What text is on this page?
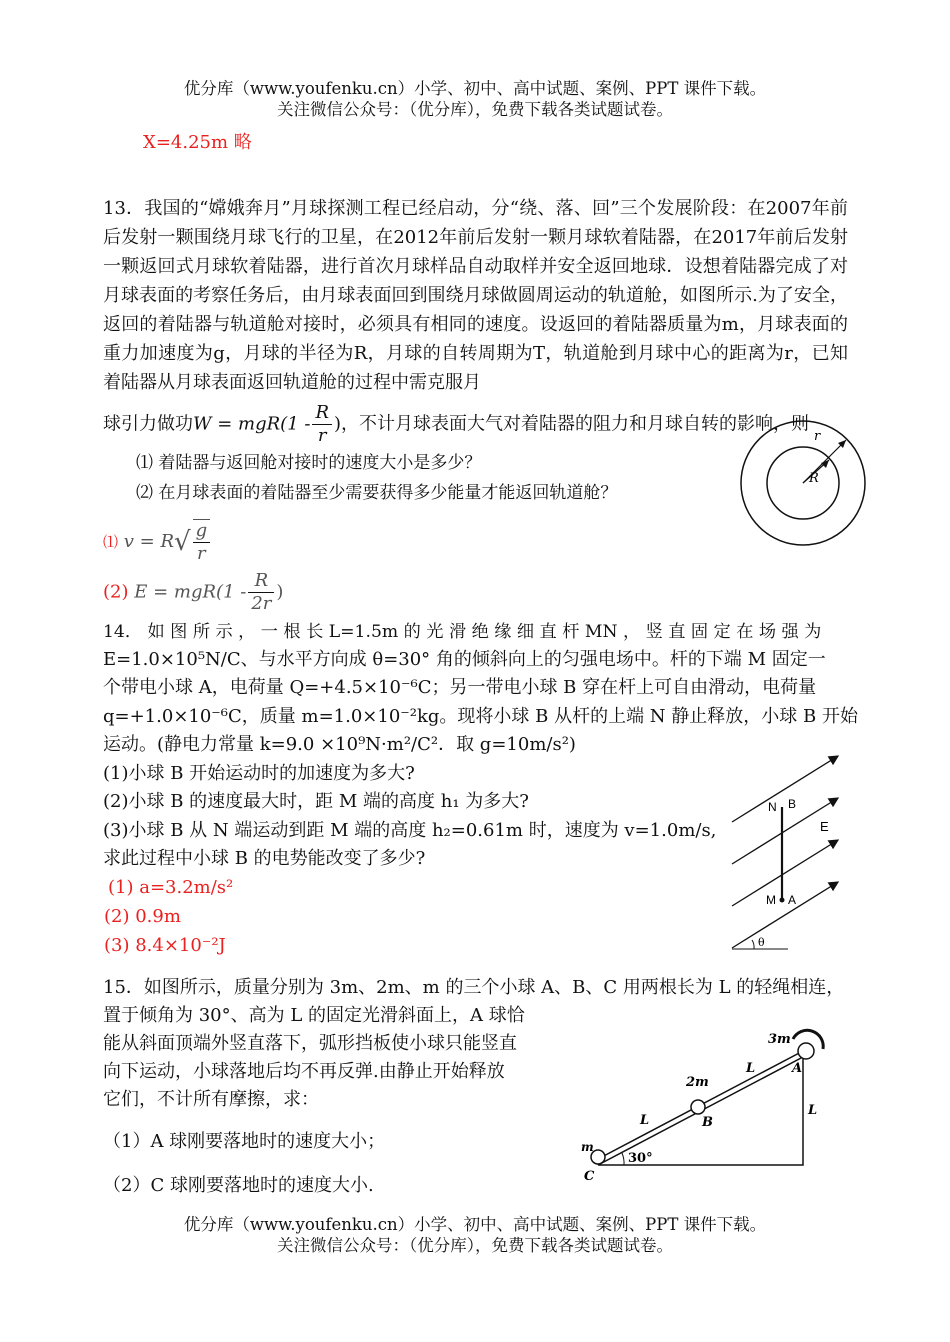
优分库（www.youfenku.cn）小学、初中、高中试题、案例、PPT 课件下载。
关注微信公众号：（优分库），免费下载各类试题试卷。
X=4.25m 略
13．我国的“嫦娥奔月”月球探测工程已经启动，分“绕、落、回”三个发展阶段：在2007年前后发射一颗围绕月球飞行的卫星，在2012年前后发射一颗月球软着陆器，在2017年前后发射一颗返回式月球软着陆器，进行首次月球样品自动取样并安全返回地球．设想着陆器完成了对月球表面的考察任务后，由月球表面回到围绕月球做圆周运动的轨道舱，如图所示.为了安全，返回的着陆器与轨道舱对接时，必须具有相同的速度。设返回的着陆器质量为m，月球表面的重力加速度为g，月球的半径为R，月球的自转周期为T，轨道舱到月球中心的距离为r，已知着陆器从月球表面返回轨道舱的过程中需克服月
球引力做功$W = mgR(1 - \frac{R}{r}$ )，不计月球表面大气对着陆器的阻力和月球自转的影响，则
⑴ 着陆器与返回舱对接时的速度大小是多少？
⑵ 在月球表面的着陆器至少需要获得多少能量才能返回轨道舱？
r
R
⑴ $v = R√ \frac{g}{r}$
(2) $E = mgR(1 - \frac{R}{2r}$ )
14． 如 图 所 示 ， 一 根 长 L=1.5m 的 光 滑 绝 缘 细 直 杆 MN ， 竖 直 固 定 在 场 强 为
E=1.0×10⁵N/C、与水平方向成 θ=30° 角的倾斜向上的匀强电场中。杆的下端 M 固定一
个带电小球 A，电荷量 Q=+4.5×10⁻⁶C；另一带电小球 B 穿在杆上可自由滑动，电荷量
q=+1.0×10⁻⁶C，质量 m=1.0×10⁻²kg。现将小球 B 从杆的上端 N 静止释放，小球 B 开始
运动。(静电力常量 k=9.0 ×10⁹N·m²/C²．取 g=10m/s²)
(1)小球 B 开始运动时的加速度为多大?
(2)小球 B 的速度最大时，距 M 端的高度 h₁ 为多大?
(3)小球 B 从 N 端运动到距 M 端的高度 h₂=0.61m 时，速度为 v=1.0m/s,
求此过程中小球 B 的电势能改变了多少?
(1) a=3.2m/s²
(2) 0.9m
(3) 8.4×10⁻²J
N B
E
M A
θ
15．如图所示，质量分别为 3m、2m、m 的三个小球 A、B、C 用两根长为 L 的轻绳相连，
置于倾角为 30°、高为 L 的固定光滑斜面上，A 球恰
能从斜面顶端外竖直落下，弧形挡板使小球只能竖直
向下运动，小球落地后均不再反弹.由静止开始释放
它们，不计所有摩擦，求：
（1）A 球刚要落地时的速度大小；
（2）C 球刚要落地时的速度大小.
3m
A
L
2m
B
L
L
m
C
30°
优分库（www.youfenku.cn）小学、初中、高中试题、案例、PPT 课件下载。
关注微信公众号：（优分库），免费下载各类试题试卷。
